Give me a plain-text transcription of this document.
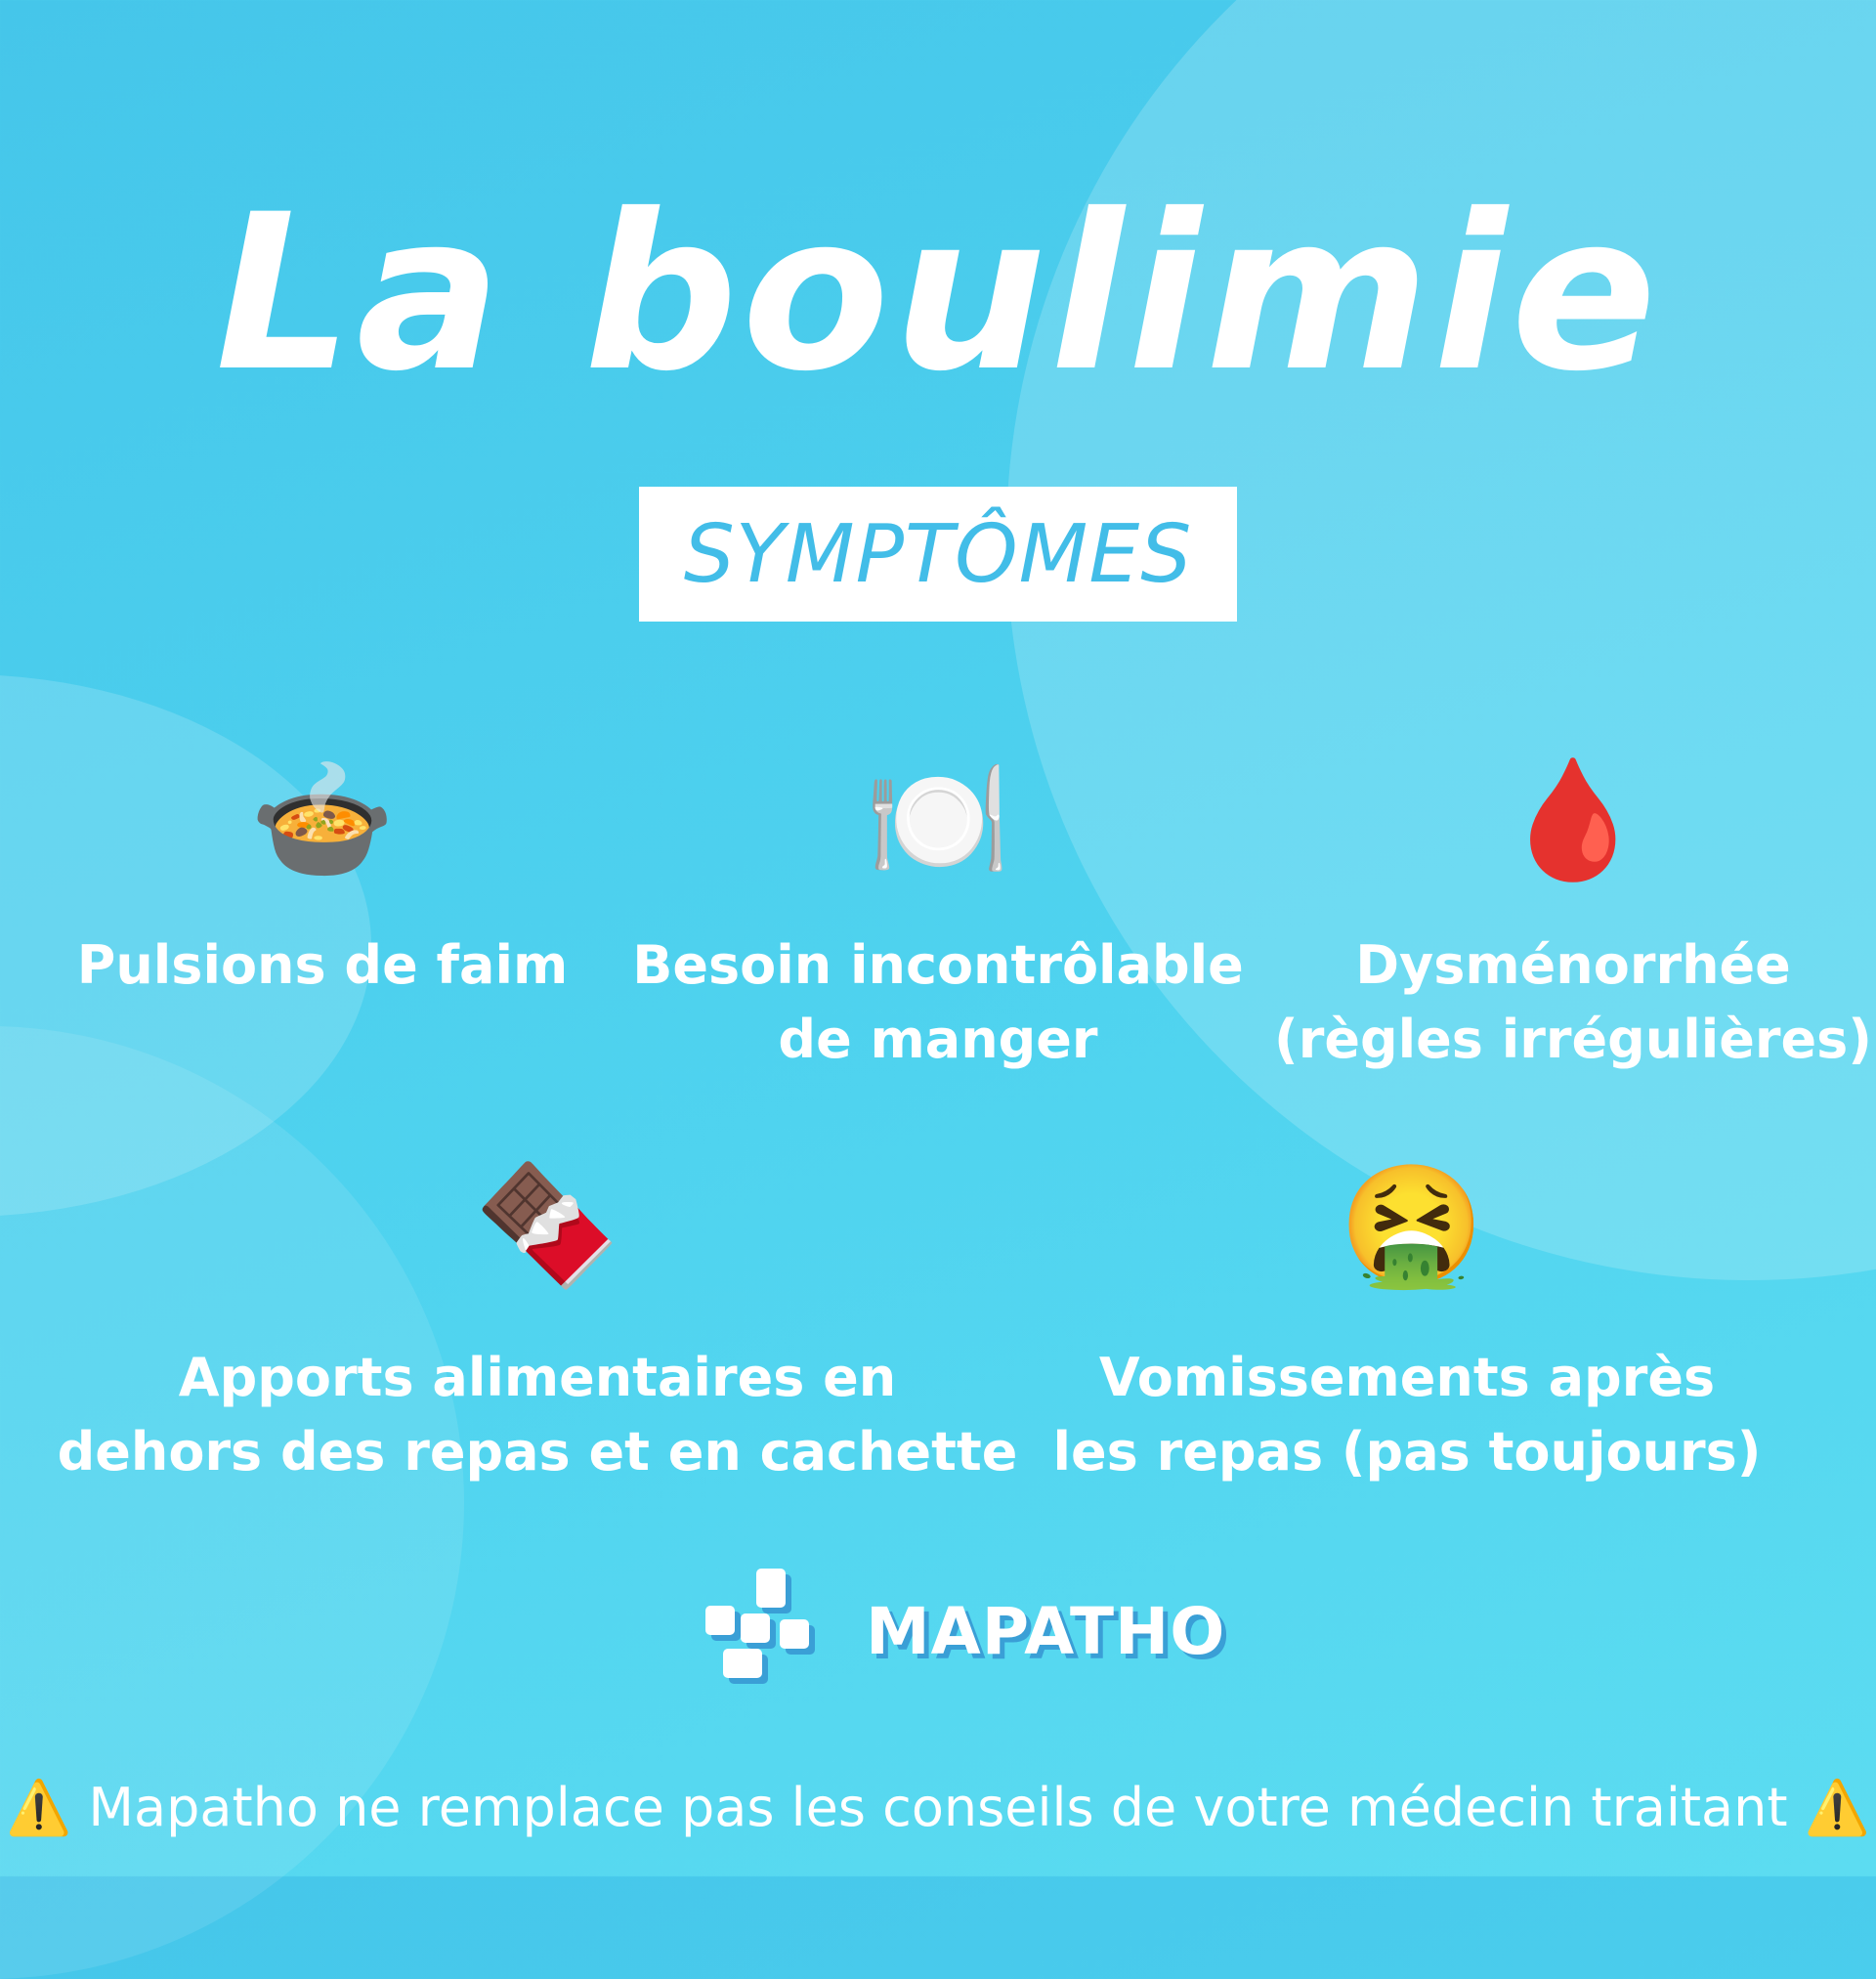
La boulimie
SYMPTÔMES
🍲
Pulsions de faim
🍽️
Besoin incontrôlable
de manger
🩸
Dysménorrhée
(règles irrégulières)
🍫
Apports alimentaires en
dehors des repas et en cachette
🤮
Vomissements après
les repas (pas toujours)
MAPATHO
⚠️ Mapatho ne remplace pas les conseils de votre médecin traitant ⚠️
